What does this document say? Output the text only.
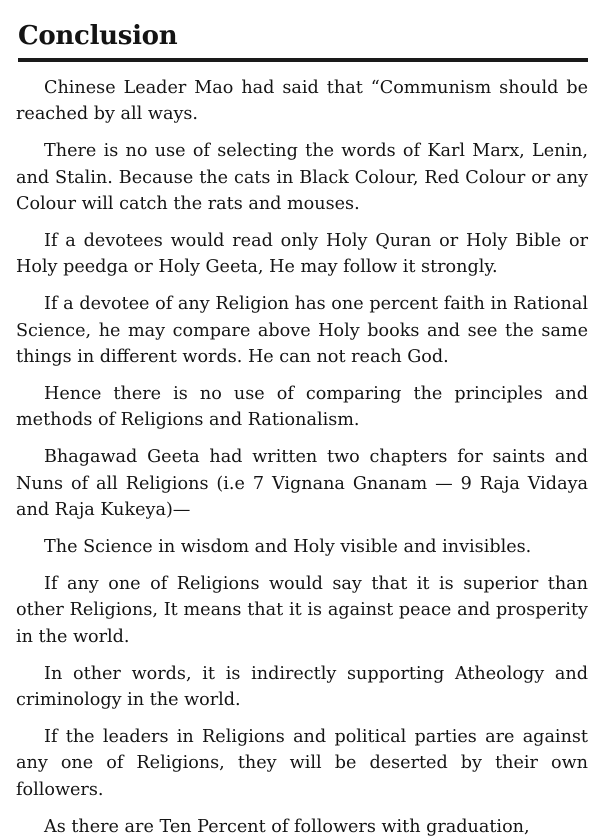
Conclusion

Chinese Leader Mao had said that “Communism should be reached by all ways.

There is no use of selecting the words of Karl Marx, Lenin, and Stalin. Because the cats in Black Colour, Red Colour or any Colour will catch the rats and mouses.

If a devotees would read only Holy Quran or Holy Bible or Holy peedga or Holy Geeta, He may follow it strongly.

If a devotee of any Religion has one percent faith in Rational Science, he may compare above Holy books and see the same things in different words. He can not reach God.

Hence there is no use of comparing the principles and methods of Religions and Rationalism.

Bhagawad Geeta had written two chapters for saints and Nuns of all Religions (i.e 7 Vignana Gnanam — 9 Raja Vidaya and Raja Kukeya)—

The Science in wisdom and Holy visible and invisibles.

If any one of Religions would say that it is superior than other Religions, It means that it is against peace and prosperity in the world.

In other words, it is indirectly supporting Atheology and criminology in the world.

If the leaders in Religions and political parties are against any one of Religions, they will be deserted by their own followers.

As there are Ten Percent of followers with graduation,
